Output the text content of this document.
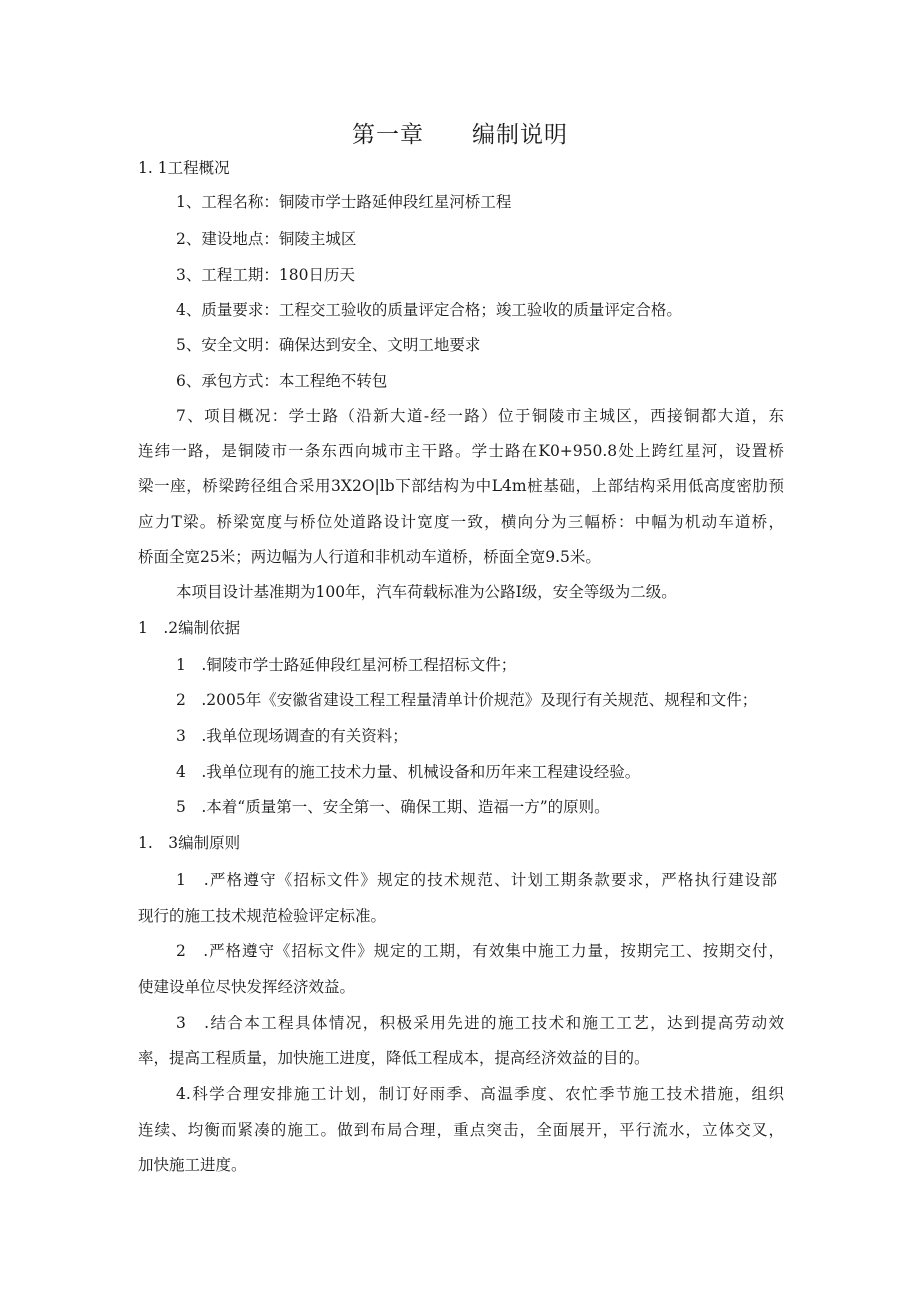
第一章　　编制说明
1. 1工程概况
1、工程名称：铜陵市学士路延伸段红星河桥工程
2、建设地点：铜陵主城区
3、工程工期：180日历天
4、质量要求：工程交工验收的质量评定合格；竣工验收的质量评定合格。
5、安全文明：确保达到安全、文明工地要求
6、承包方式：本工程绝不转包
7、项目概况：学士路（沿新大道-经一路）位于铜陵市主城区，西接铜都大道，东
连纬一路，是铜陵市一条东西向城市主干路。学士路在K0+950.8处上跨红星河，设置桥
梁一座，桥梁跨径组合采用3X2O|lb下部结构为中L4m桩基础，上部结构采用低高度密肋预
应力T梁。桥梁宽度与桥位处道路设计宽度一致，横向分为三幅桥：中幅为机动车道桥，
桥面全宽25米；两边幅为人行道和非机动车道桥，桥面全宽9.5米。
本项目设计基准期为100年，汽车荷载标准为公路I级，安全等级为二级。
1　.2编制依据
1　.铜陵市学士路延伸段红星河桥工程招标文件；
2　.2005年《安徽省建设工程工程量清单计价规范》及现行有关规范、规程和文件；
3　.我单位现场调查的有关资料；
4　.我单位现有的施工技术力量、机械设备和历年来工程建设经验。
5　.本着“质量第一、安全第一、确保工期、造福一方”的原则。
1.　3编制原则
1　.严格遵守《招标文件》规定的技术规范、计划工期条款要求，严格执行建设部
现行的施工技术规范检验评定标准。
2　.严格遵守《招标文件》规定的工期，有效集中施工力量，按期完工、按期交付，
使建设单位尽快发挥经济效益。
3　.结合本工程具体情况，积极采用先进的施工技术和施工工艺，达到提高劳动效
率，提高工程质量，加快施工进度，降低工程成本，提高经济效益的目的。
4.科学合理安排施工计划，制订好雨季、高温季度、农忙季节施工技术措施，组织
连续、均衡而紧凑的施工。做到布局合理，重点突击，全面展开，平行流水，立体交叉，
加快施工进度。
